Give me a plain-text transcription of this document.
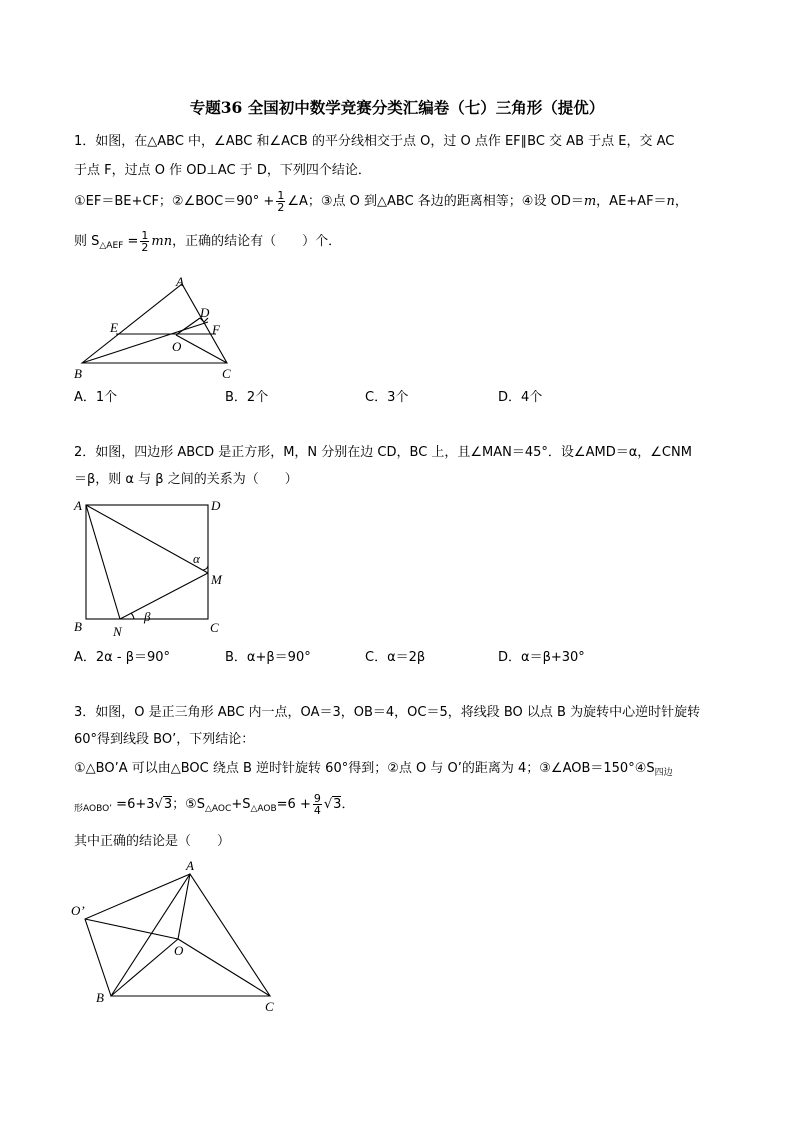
专题36 全国初中数学竞赛分类汇编卷（七）三角形（提优）
1．如图，在△ABC 中，∠ABC 和∠ACB 的平分线相交于点 O，过 O 点作 EF∥BC 交 AB 于点 E，交 AC
于点 F，过点 O 作 OD⊥AC 于 D，下列四个结论．
①EF＝BE+CF；②∠BOC＝90° + $\frac{1}{2}$ ∠A；③点 O 到△ABC 各边的距离相等；④设 OD＝m，AE+AF＝n，
则 $S_{\triangle AEF} = \frac{1}{2}$ mn，正确的结论有（　　）个．
A
B	C
D
E	F
O
A．1个	B．2个	C．3个	D．4个
2．如图，四边形 ABCD 是正方形，M，N 分别在边 CD，BC 上，且∠MAN＝45°．设∠AMD＝α，∠CNM
＝β，则 α 与 β 之间的关系为（　　）
A	D
B	C
M
N
α
β
A．2α - β＝90°	B．α+β＝90°	C．α＝2β	D．α＝β+30°
3．如图，O 是正三角形 ABC 内一点，OA＝3，OB＝4，OC＝5，将线段 BO 以点 B 为旋转中心逆时针旋转
60°得到线段 BO’，下列结论：
①△BO’A 可以由△BOC 绕点 B 逆时针旋转 60°得到；②点 O 与 O’的距离为 4；$③\angle AOB=150^\circ ④S_{四边}$
$_{形AOBO’}$ =6+3√3；$⑤S_{\triangle AOC}+S_{\triangle AOB}=6 + \frac{9}{4} √3$．
其中正确的结论是（　　）
A
B
C
O
O’
